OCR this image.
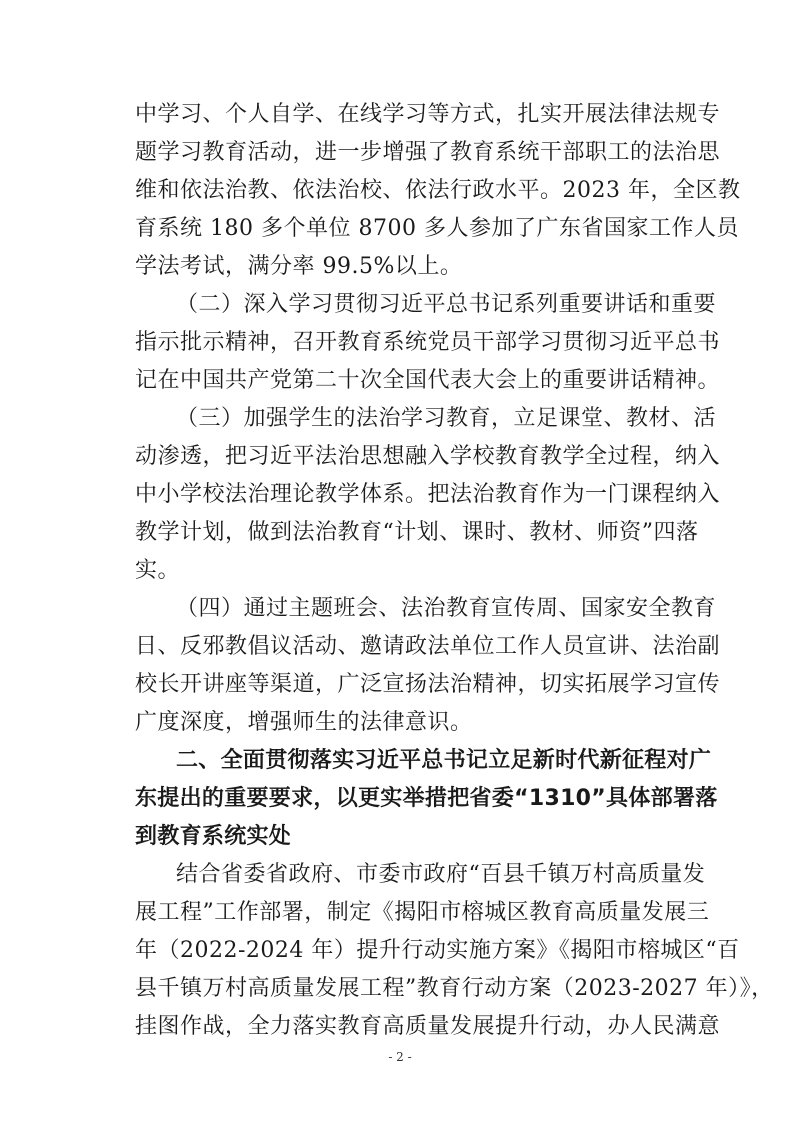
中学习、个人自学、在线学习等方式，扎实开展法律法规专
题学习教育活动，进一步增强了教育系统干部职工的法治思
维和依法治教、依法治校、依法行政水平。2023 年，全区教
育系统 180 多个单位 8700 多人参加了广东省国家工作人员
学法考试，满分率 99.5%以上。
（二）深入学习贯彻习近平总书记系列重要讲话和重要
指示批示精神，召开教育系统党员干部学习贯彻习近平总书
记在中国共产党第二十次全国代表大会上的重要讲话精神。
（三）加强学生的法治学习教育，立足课堂、教材、活
动渗透，把习近平法治思想融入学校教育教学全过程，纳入
中小学校法治理论教学体系。把法治教育作为一门课程纳入
教学计划，做到法治教育“计划、课时、教材、师资”四落
实。
（四）通过主题班会、法治教育宣传周、国家安全教育
日、反邪教倡议活动、邀请政法单位工作人员宣讲、法治副
校长开讲座等渠道，广泛宣扬法治精神，切实拓展学习宣传
广度深度，增强师生的法律意识。
二、全面贯彻落实习近平总书记立足新时代新征程对广
东提出的重要要求，以更实举措把省委“1310”具体部署落
到教育系统实处
结合省委省政府、市委市政府“百县千镇万村高质量发
展工程”工作部署，制定《揭阳市榕城区教育高质量发展三
年（2022-2024 年）提升行动实施方案》《揭阳市榕城区“百
县千镇万村高质量发展工程”教育行动方案（2023-2027 年）》，
挂图作战，全力落实教育高质量发展提升行动，办人民满意
- 2 -
